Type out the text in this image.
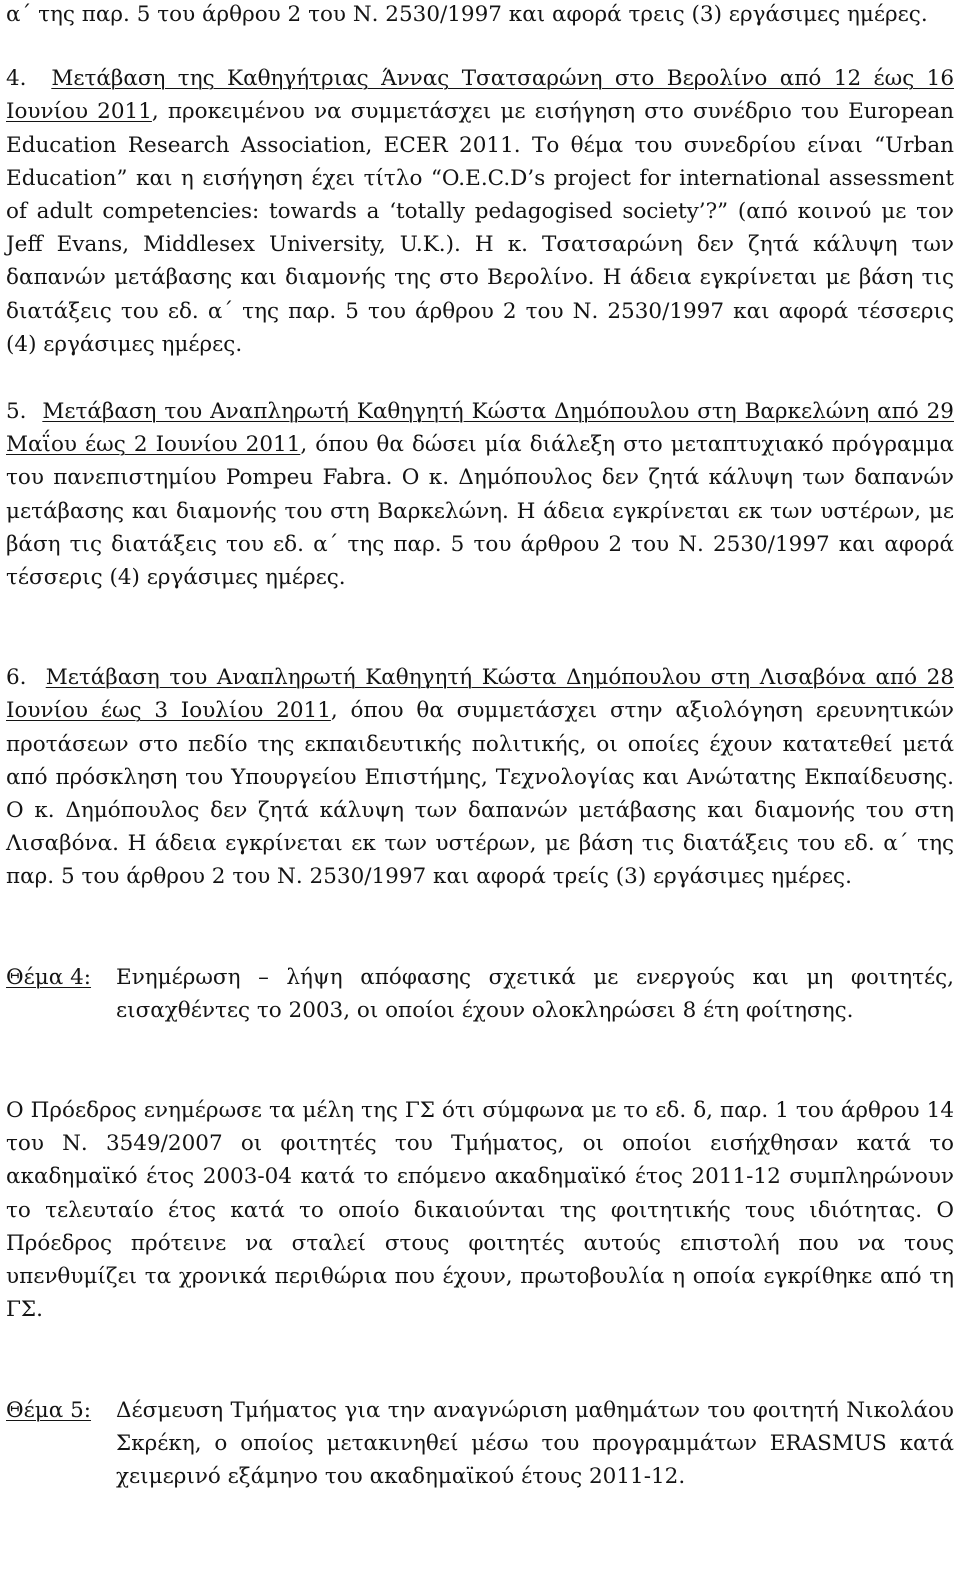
α΄ της παρ. 5 του άρθρου 2 του Ν. 2530/1997 και αφορά τρεις (3) εργάσιμες ημέρες.

4. Μετάβαση της Καθηγήτριας Άννας Τσατσαρώνη στο Βερολίνο από 12 έως 16 Ιουνίου 2011, προκειμένου να συμμετάσχει με εισήγηση στο συνέδριο του European Education Research Association, ECER 2011. Το θέμα του συνεδρίου είναι “Urban Education” και η εισήγηση έχει τίτλο “O.E.C.D’s project for international assessment of adult competencies: towards a ‘totally pedagogised society’?” (από κοινού με τον Jeff Evans, Middlesex University, U.K.). Η κ. Τσατσαρώνη δεν ζητά κάλυψη των δαπανών μετάβασης και διαμονής της στο Βερολίνο. Η άδεια εγκρίνεται με βάση τις διατάξεις του εδ. α΄ της παρ. 5 του άρθρου 2 του Ν. 2530/1997 και αφορά τέσσερις (4) εργάσιμες ημέρες.

5. Μετάβαση του Αναπληρωτή Καθηγητή Κώστα Δημόπουλου στη Βαρκελώνη από 29 Μαΐου έως 2 Ιουνίου 2011, όπου θα δώσει μία διάλεξη στο μεταπτυχιακό πρόγραμμα του πανεπιστημίου Pompeu Fabra. Ο κ. Δημόπουλος δεν ζητά κάλυψη των δαπανών μετάβασης και διαμονής του στη Βαρκελώνη. Η άδεια εγκρίνεται εκ των υστέρων, με βάση τις διατάξεις του εδ. α΄ της παρ. 5 του άρθρου 2 του Ν. 2530/1997 και αφορά τέσσερις (4) εργάσιμες ημέρες.

6. Μετάβαση του Αναπληρωτή Καθηγητή Κώστα Δημόπουλου στη Λισαβόνα από 28 Ιουνίου έως 3 Ιουλίου 2011, όπου θα συμμετάσχει στην αξιολόγηση ερευνητικών προτάσεων στο πεδίο της εκπαιδευτικής πολιτικής, οι οποίες έχουν κατατεθεί μετά από πρόσκληση του Υπουργείου Επιστήμης, Τεχνολογίας και Ανώτατης Εκπαίδευσης. Ο κ. Δημόπουλος δεν ζητά κάλυψη των δαπανών μετάβασης και διαμονής του στη Λισαβόνα. Η άδεια εγκρίνεται εκ των υστέρων, με βάση τις διατάξεις του εδ. α΄ της παρ. 5 του άρθρου 2 του Ν. 2530/1997 και αφορά τρείς (3) εργάσιμες ημέρες.

Θέμα 4:	Ενημέρωση – λήψη απόφασης σχετικά με ενεργούς και μη φοιτητές, εισαχθέντες το 2003, οι οποίοι έχουν ολοκληρώσει 8 έτη φοίτησης.

Ο Πρόεδρος ενημέρωσε τα μέλη της ΓΣ ότι σύμφωνα με το εδ. δ, παρ. 1 του άρθρου 14 του Ν. 3549/2007 οι φοιτητές του Τμήματος, οι οποίοι εισήχθησαν κατά το ακαδημαϊκό έτος 2003-04 κατά το επόμενο ακαδημαϊκό έτος 2011-12 συμπληρώνουν το τελευταίο έτος κατά το οποίο δικαιούνται της φοιτητικής τους ιδιότητας. Ο Πρόεδρος πρότεινε να σταλεί στους φοιτητές αυτούς επιστολή που να τους υπενθυμίζει τα χρονικά περιθώρια που έχουν, πρωτοβουλία η οποία εγκρίθηκε από τη ΓΣ.

Θέμα 5:	Δέσμευση Τμήματος για την αναγνώριση μαθημάτων του φοιτητή Νικολάου Σκρέκη, ο οποίος μετακινηθεί μέσω του προγραμμάτων ERASMUS κατά χειμερινό εξάμηνο του ακαδημαϊκού έτους 2011-12.
